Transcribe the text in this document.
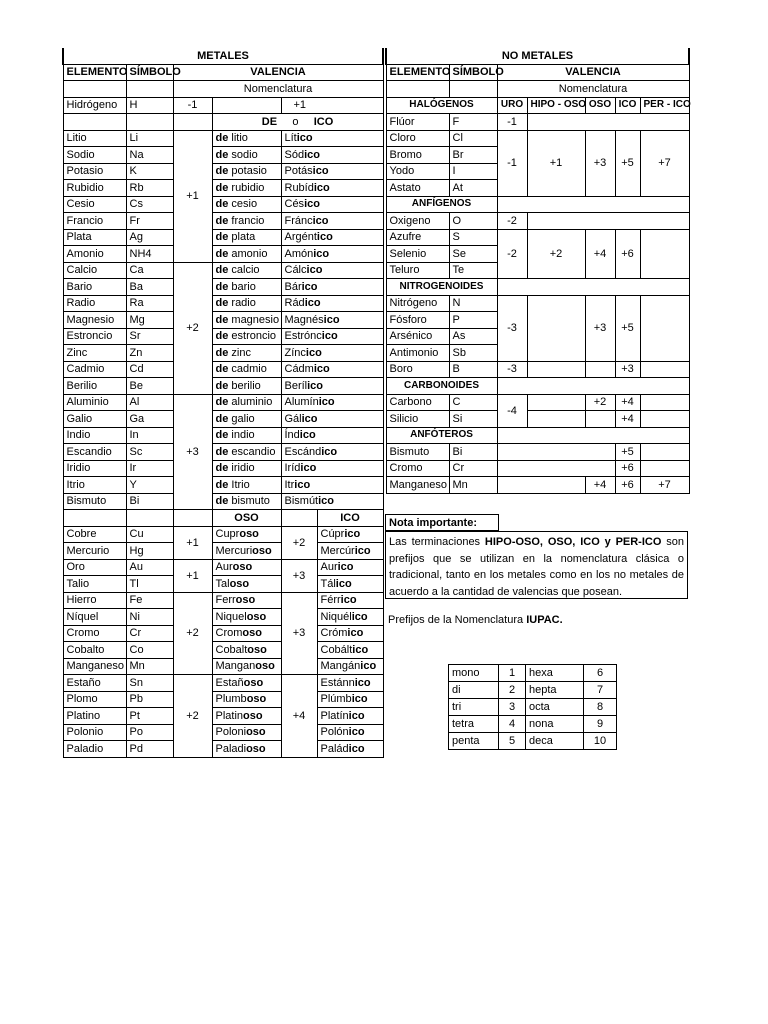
METALES					
ELEMENTO	SÍMBOLO	VALENCIA			
		Nomenclatura			
Hidrógeno	H	-1		+1	
			DE o ICO		
Litio	Li	+1	de litio	Lítico	
Sodio	Na		de sodio	Sódico	
Potasio	K		de potasio	Potásico	
Rubidio	Rb		de rubidio	Rubídico	
Cesio	Cs		de cesio	Césico	
Francio	Fr		de francio	Fráncico	
Plata	Ag		de plata	Argéntico	
Amonio	NH4		de amonio	Amónico	
Calcio	Ca	+2	de calcio	Cálcico	
Bario	Ba		de bario	Bárico	
Radio	Ra		de radio	Rádico	
Magnesio	Mg		de magnesio	Magnésico	
Estroncio	Sr		de estroncio	Estróncico	
Zinc	Zn		de zinc	Zíncico	
Cadmio	Cd		de cadmio	Cádmico	
Berilio	Be		de berilio	Berílico	
Aluminio	Al	+3	de aluminio	Alumínico	
Galio	Ga		de galio	Gálico	
Indio	In		de indio	Índico	
Escandio	Sc		de escandio	Escándico	
Iridio	Ir		de iridio	Irídico	
Itrio	Y		de Itrio	Itrico	
Bismuto	Bi		de bismuto	Bismútico	
			OSO		ICO
Cobre	Cu	+1	Cuproso	+2	Cúprico
Mercurio	Hg		Mercurioso		Mercúrico
Oro	Au	+1	Auroso	+3	Aurico
Talio	Tl		Taloso		Tálico
Hierro	Fe	+2	Ferroso	+3	Férrico
Níquel	Ni		Niqueloso		Niquélico
Cromo	Cr		Cromoso		Crómico
Cobalto	Co		Cobaltoso		Cobáltico
Manganeso	Mn		Manganoso		Mangánico
Estaño	Sn	+2	Estañoso	+4	Estánnico
Plomo	Pb		Plumboso		Plúmbico
Platino	Pt		Platinoso		Platínico
Polonio	Po		Polonioso		Polónico
Paladio	Pd		Paladioso		Paládico
NO METALES						
ELEMENTO	SÍMBOLO	VALENCIA				
		Nomenclatura				
HALÓGENOS		URO	HIPO - OSO	OSO	ICO	PER - ICO
Flúor	F	-1				
Cloro	Cl	-1	+1	+3	+5	+7
Bromo	Br					
Yodo	I					
Astato	At					
ANFÍGENOS						
Oxigeno	O	-2				
Azufre	S	-2	+2	+4	+6	
Selenio	Se					
Teluro	Te					
NITROGENOIDES						
Nitrógeno	N	-3		+3	+5	
Fósforo	P					
Arsénico	As					
Antimonio	Sb					
Boro	B	-3			+3	
CARBONOIDES						
Carbono	C	-4		+2	+4	
Silicio	Si				+4	
ANFÓTEROS						
Bismuto	Bi				+5	
Cromo	Cr				+6	
Manganeso	Mn			+4	+6	+7
Nota importante:
Las terminaciones HIPO-OSO, OSO, ICO y PER-ICO son prefijos que se utilizan en la nomenclatura clásica o tradicional, tanto en los metales como en los no metales de acuerdo a la cantidad de valencias que posean.
Prefijos de la Nomenclatura IUPAC.
mono	1	hexa	6
di	2	hepta	7
tri	3	octa	8
tetra	4	nona	9
penta	5	deca	10
